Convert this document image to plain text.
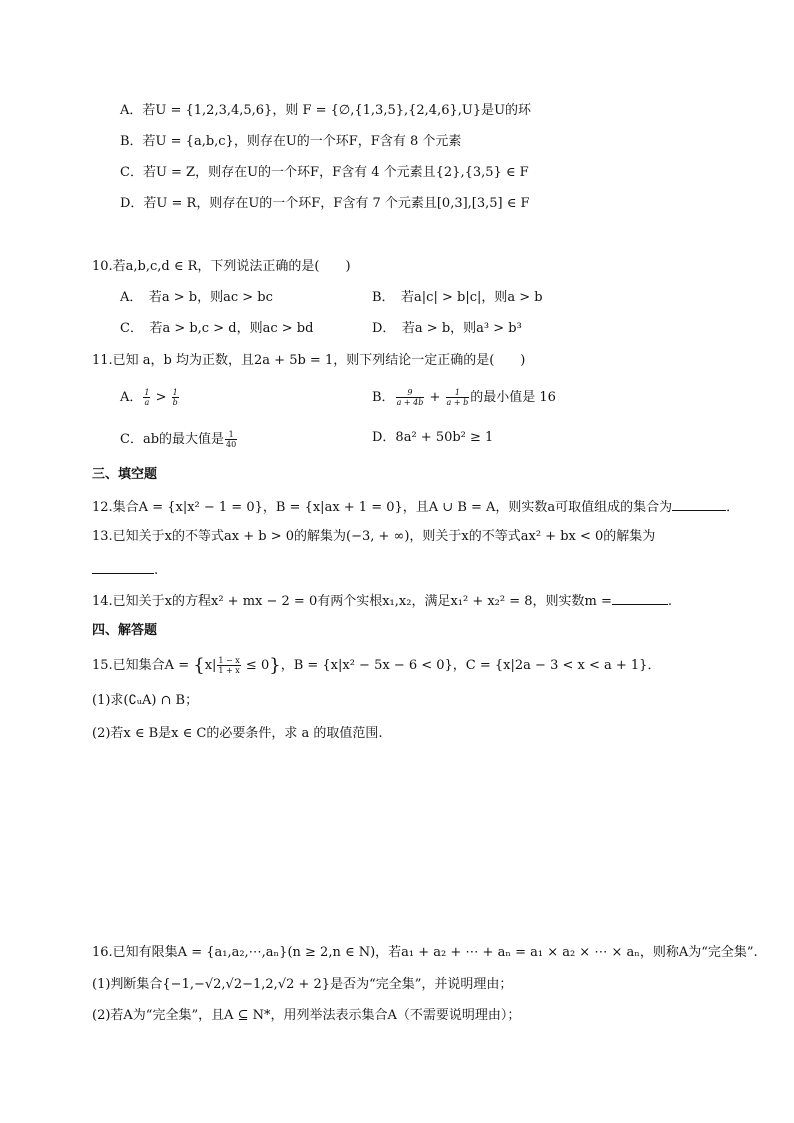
A．若U = {1,2,3,4,5,6}，则 F = {∅,{1,3,5},{2,4,6},U}是U的环
B．若U = {a,b,c}，则存在U的一个环F，F含有 8 个元素
C．若U = Z，则存在U的一个环F，F含有 4 个元素且{2},{3,5} ∈ F
D．若U = R，则存在U的一个环F，F含有 7 个元素且[0,3],[3,5] ∈ F
10.若a,b,c,d ∈ R，下列说法正确的是(　　)
A．　若a > b，则ac > bc	B．　若a|c| > b|c|，则a > b
C．　若a > b,c > d，则ac > bd	D．　若a > b，则a³ > b³
11.已知 a，b 均为正数，且2a + 5b = 1，则下列结论一定正确的是(　　)
A． $\frac{1}{a} > \frac{1}{b}$	B． $\frac{9}{a + 4b} + \frac{1}{a + b}$ 的最小值是 16
C．ab的最大值是 $\frac{1}{40}$	D．8a² + 50b² ≥ 1
三、填空题
12.集合A = {x|x² − 1 = 0}，B = {x|ax + 1 = 0}，且A ∪ B = A，则实数a可取值组成的集合为	．
13.已知关于x的不等式ax + b > 0的解集为(−3, + ∞)，则关于x的不等式ax² + bx < 0的解集为
.
14.已知关于x的方程x² + mx − 2 = 0有两个实根x₁,x₂，满足x₁² + x₂² = 8，则实数m =	.
四、解答题
15.已知集合$A = \{x| \frac{1 - x}{1 + x} \le 0\}$，B = {x|x² − 5x − 6 < 0}，C = {x|2a − 3 < x < a + 1}．
(1)求(∁ᵤA) ∩ B；
(2)若x ∈ B是x ∈ C的必要条件，求 a 的取值范围.
16.已知有限集A = {a₁,a₂,⋯,aₙ}(n ≥ 2,n ∈ N)，若a₁ + a₂ + ⋯ + aₙ = a₁ × a₂ × ⋯ × aₙ，则称A为“完全集”.
(1)判断集合{−1,−√2,√2−1,2,√2 + 2}是否为“完全集”，并说明理由；
(2)若A为“完全集”，且A ⊆ N*，用列举法表示集合A（不需要说明理由）；
